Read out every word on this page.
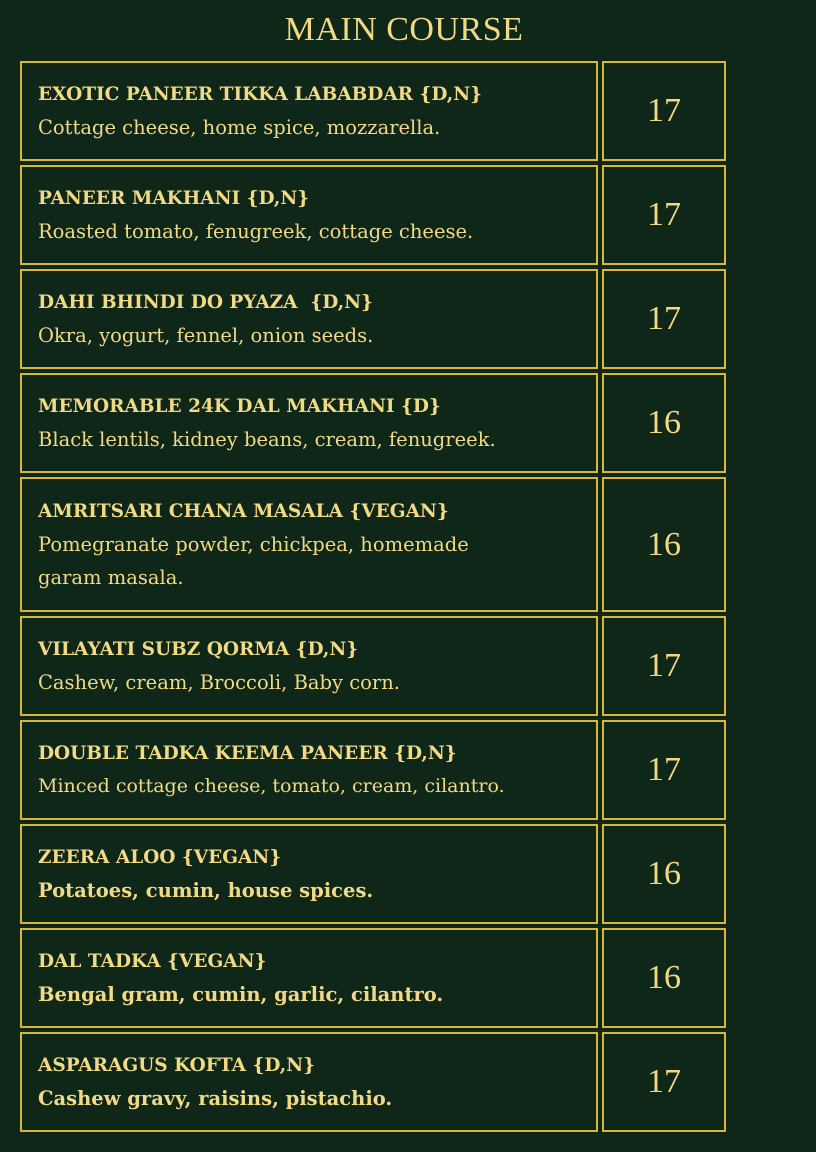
MAIN COURSE
EXOTIC PANEER TIKKA LABABDAR {D,N}
Cottage cheese, home spice, mozzarella.	17
PANEER MAKHANI {D,N}
Roasted tomato, fenugreek, cottage cheese.	17
DAHI BHINDI DO PYAZA  {D,N}
Okra, yogurt, fennel, onion seeds.	17
MEMORABLE 24K DAL MAKHANI {D}
Black lentils, kidney beans, cream, fenugreek.	16
AMRITSARI CHANA MASALA {VEGAN}
Pomegranate powder, chickpea, homemade garam masala.
16
VILAYATI SUBZ QORMA {D,N}
Cashew, cream, Broccoli, Baby corn.	17
DOUBLE TADKA KEEMA PANEER {D,N}
Minced cottage cheese, tomato, cream, cilantro.	17
ZEERA ALOO {VEGAN}
Potatoes, cumin, house spices.	16
DAL TADKA {VEGAN}
Bengal gram, cumin, garlic, cilantro.	16
ASPARAGUS KOFTA {D,N}
Cashew gravy, raisins, pistachio.	17
